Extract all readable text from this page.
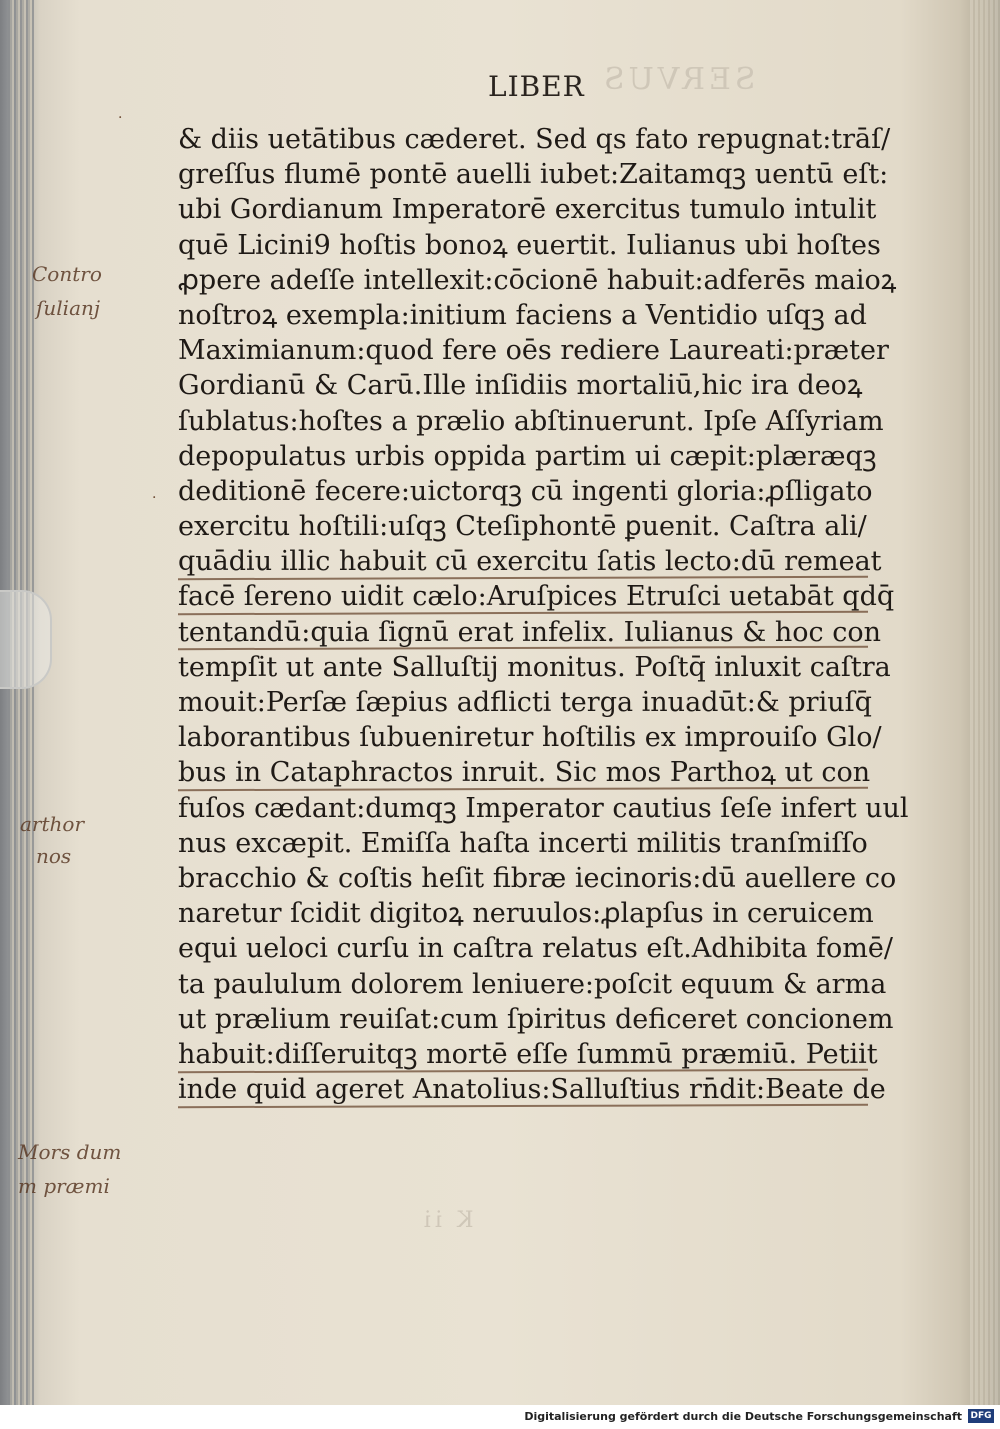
SERVUS
K ii
LIBER
& diis uetātibus cæderet. Sed qs fato repugnat:trāſ/
greſſus flumē pontē auelli iubet:Zaitamqꝫ uentū eſt:
ubi Gordianum Imperatorē exercitus tumulo intulit
quē Licini9 hoſtis bonoꝝ euertit. Iulianus ubi hoſtes
ꝓpere adeſſe intellexit:cōcionē habuit:adferēs maioꝝ
noſtroꝝ exempla:initium faciens a Ventidio uſqꝫ ad
Maximianum:quod fere oēs rediere Laureati:præter
Gordianū & Carū.Ille inſidiis mortaliū,hic ira deoꝝ
ſublatus:hoſtes a prælio abſtinuerunt. Ipſe Aſſyriam
depopulatus urbis oppida partim ui cæpit:plæræqꝫ
deditionē fecere:uictorqꝫ cū ingenti gloria:ꝓſligato
exercitu hoſtili:uſqꝫ Cteſiphontē ꝑuenit. Caſtra ali/
quādiu illic habuit cū exercitu ſatis lecto:dū remeat
facē ſereno uidit cælo:Aruſpices Etruſci uetabāt qdq̄
tentandū:quia ſignū erat infelix. Iulianus & hoc con
tempſit ut ante Salluſtij monitus. Poſtq̄ inluxit caſtra
mouit:Perſæ ſæpius adflicti terga inuadūt:& priuſq̄
laborantibus ſubueniretur hoſtilis ex improuiſo Glo/
bus in Cataphractos inruit. Sic mos Parthoꝝ ut con
fuſos cædant:dumqꝫ Imperator cautius ſeſe infert uul
nus excæpit. Emiſſa haſta incerti militis tranſmiſſo
bracchio & coſtis heſit fibræ iecinoris:dū auellere co
naretur ſcidit digitoꝝ neruulos:ꝓlapſus in ceruicem
equi ueloci curſu in caſtra relatus eſt.Adhibita fomē/
ta paululum dolorem leniuere:poſcit equum & arma
ut prælium reuiſat:cum ſpiritus deficeret concionem
habuit:diſſeruitqꝫ mortē eſſe ſummū præmiū. Petiit
inde quid ageret Anatolius:Salluſtius rn̄dit:Beate de
Contro
ſulianj
arthor
nos
Mors dum
m præmi
·
·
Digitalisierung gefördert durch die Deutsche Forschungsgemeinschaft DFG
